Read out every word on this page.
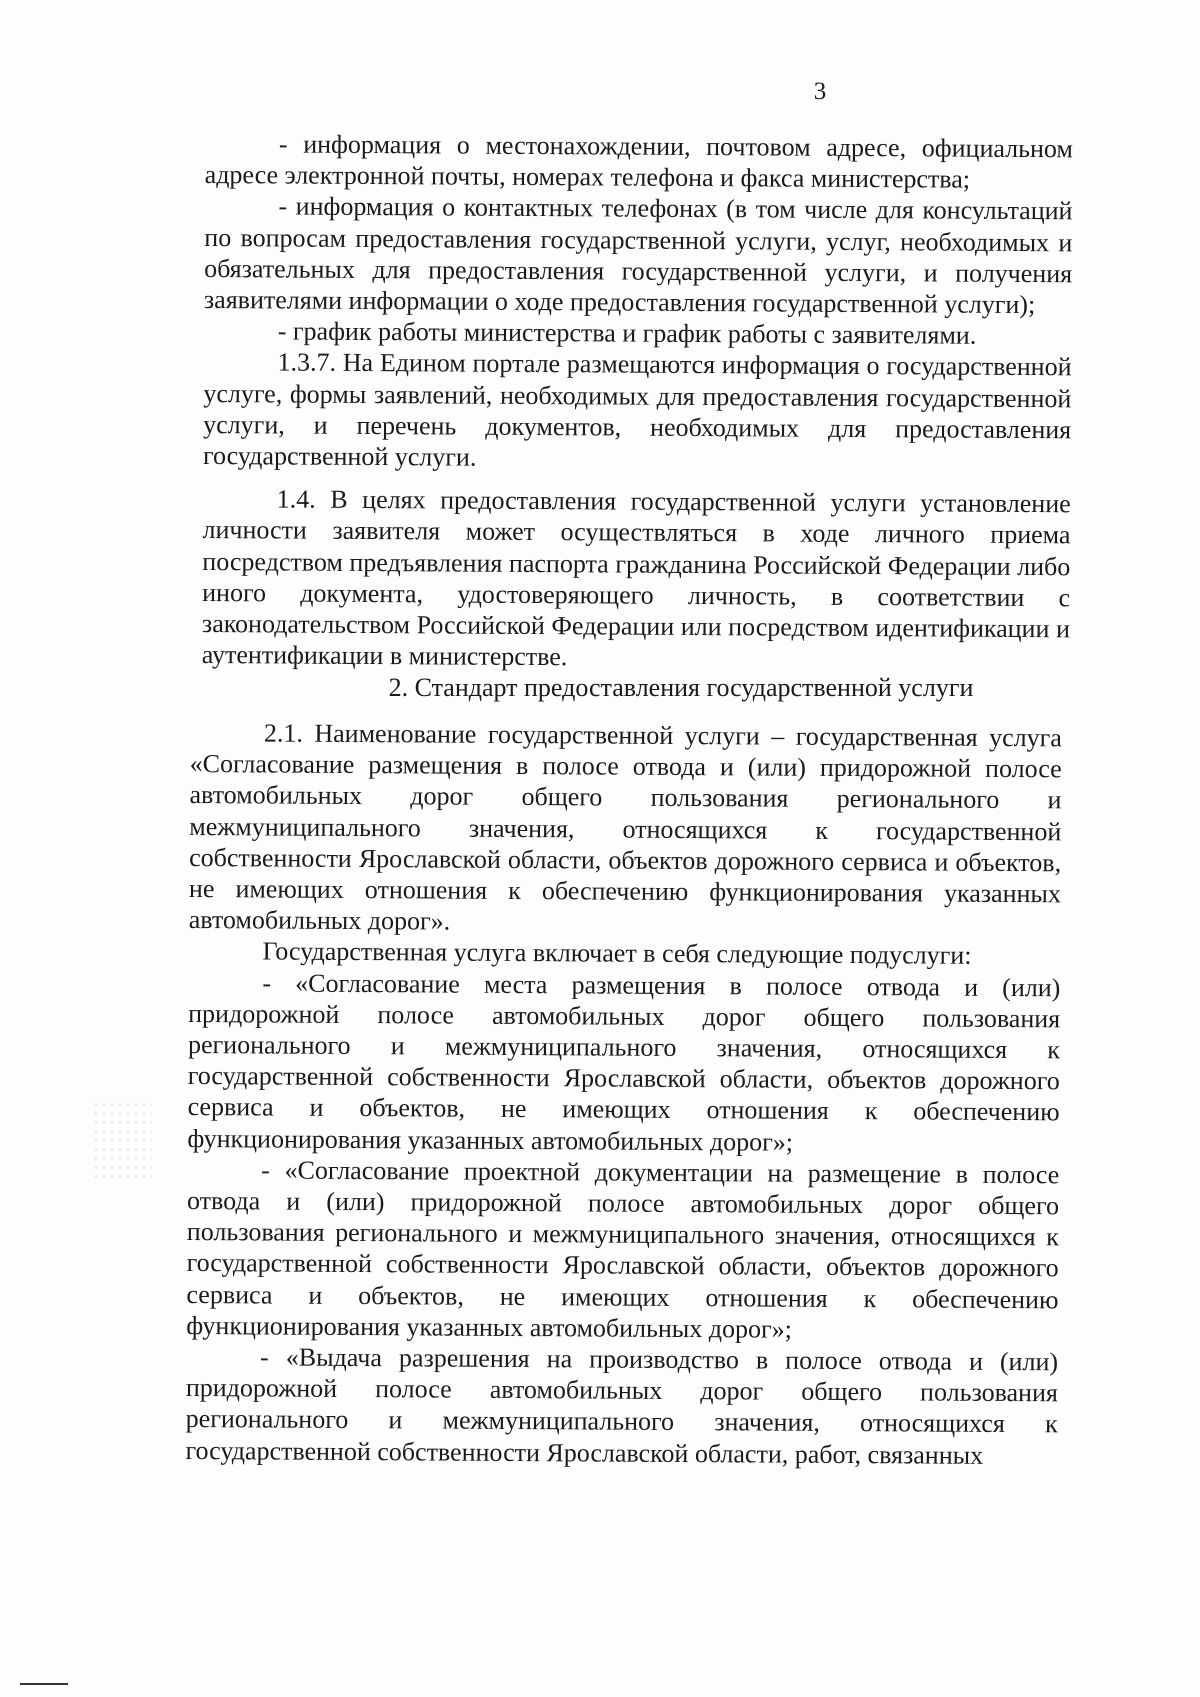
3

- информация о местонахождении, почтовом адресе, официальном адресе электронной почты, номерах телефона и факса министерства;

- информация о контактных телефонах (в том числе для консультаций по вопросам предоставления государственной услуги, услуг, необходимых и обязательных для предоставления государственной услуги, и получения заявителями информации о ходе предоставления государственной услуги);

- график работы министерства и график работы с заявителями.

1.3.7. На Едином портале размещаются информация о государственной услуге, формы заявлений, необходимых для предоставления государственной услуги, и перечень документов, необходимых для предоставления государственной услуги.

1.4. В целях предоставления государственной услуги установление личности заявителя может осуществляться в ходе личного приема посредством предъявления паспорта гражданина Российской Федерации либо иного документа, удостоверяющего личность, в соответствии с законодательством Российской Федерации или посредством идентификации и аутентификации в министерстве.

2. Стандарт предоставления государственной услуги

2.1. Наименование государственной услуги – государственная услуга «Согласование размещения в полосе отвода и (или) придорожной полосе автомобильных дорог общего пользования регионального и межмуниципального значения, относящихся к государственной собственности Ярославской области, объектов дорожного сервиса и объектов, не имеющих отношения к обеспечению функционирования указанных автомобильных дорог».

Государственная услуга включает в себя следующие подуслуги:

- «Согласование места размещения в полосе отвода и (или) придорожной полосе автомобильных дорог общего пользования регионального и межмуниципального значения, относящихся к государственной собственности Ярославской области, объектов дорожного сервиса и объектов, не имеющих отношения к обеспечению функционирования указанных автомобильных дорог»;

- «Согласование проектной документации на размещение в полосе отвода и (или) придорожной полосе автомобильных дорог общего пользования регионального и межмуниципального значения, относящихся к государственной собственности Ярославской области, объектов дорожного сервиса и объектов, не имеющих отношения к обеспечению функционирования указанных автомобильных дорог»;

- «Выдача разрешения на производство в полосе отвода и (или) придорожной полосе автомобильных дорог общего пользования регионального и межмуниципального значения, относящихся к государственной собственности Ярославской области, работ, связанных
